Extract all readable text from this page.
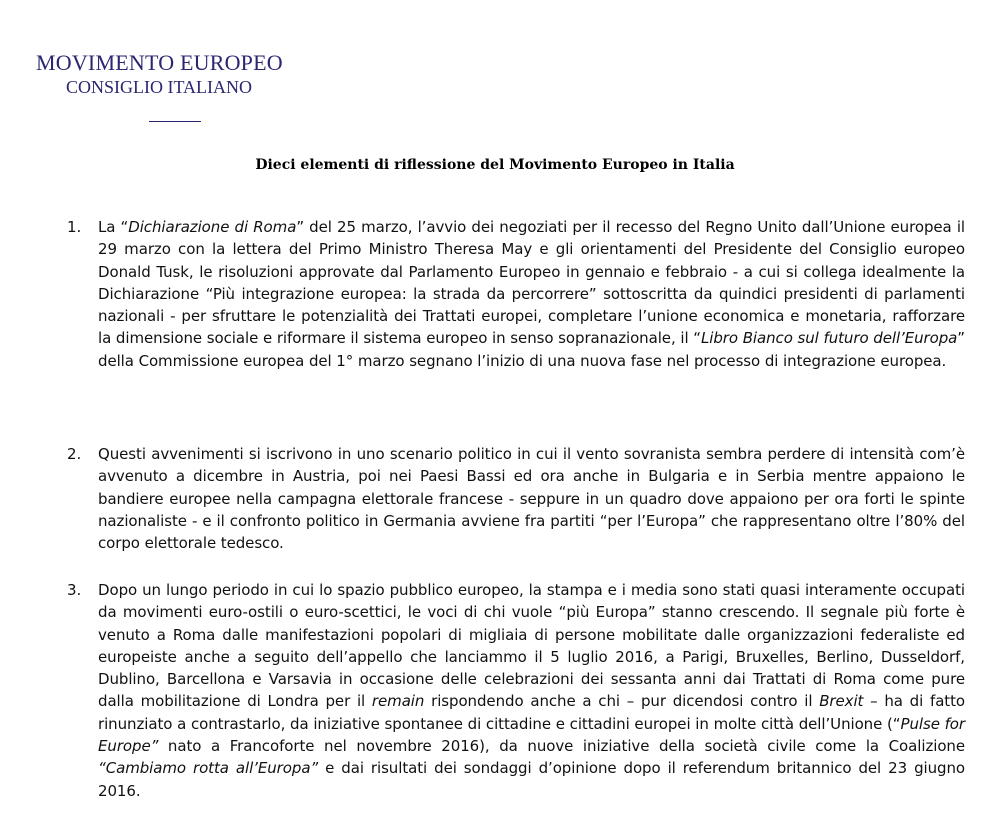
MOVIMENTO EUROPEO
CONSIGLIO ITALIANO
Dieci elementi di riflessione del Movimento Europeo in Italia
1. La “Dichiarazione di Roma” del 25 marzo, l’avvio dei negoziati per il recesso del Regno Unito dall’Unione europea il 29 marzo con la lettera del Primo Ministro Theresa May e gli orientamenti del Presidente del Consiglio europeo Donald Tusk, le risoluzioni approvate dal Parlamento Europeo in gennaio e febbraio - a cui si collega idealmente la Dichiarazione “Più integrazione europea: la strada da percorrere” sottoscritta da quindici presidenti di parlamenti nazionali - per sfruttare le potenzialità dei Trattati europei, completare l’unione economica e monetaria, rafforzare la dimensione sociale e riformare il sistema europeo in senso sopranazionale, il “Libro Bianco sul futuro dell’Europa” della Commissione europea del 1° marzo segnano l’inizio di una nuova fase nel processo di integrazione europea.

2. Questi avvenimenti si iscrivono in uno scenario politico in cui il vento sovranista sembra perdere di intensità com’è avvenuto a dicembre in Austria, poi nei Paesi Bassi ed ora anche in Bulgaria e in Serbia mentre appaiono le bandiere europee nella campagna elettorale francese - seppure in un quadro dove appaiono per ora forti le spinte nazionaliste - e il confronto politico in Germania avviene fra partiti “per l’Europa” che rappresentano oltre l’80% del corpo elettorale tedesco.

3. Dopo un lungo periodo in cui lo spazio pubblico europeo, la stampa e i media sono stati quasi interamente occupati da movimenti euro-ostili o euro-scettici, le voci di chi vuole “più Europa” stanno crescendo. Il segnale più forte è venuto a Roma dalle manifestazioni popolari di migliaia di persone mobilitate dalle organizzazioni federaliste ed europeiste anche a seguito dell’appello che lanciammo il 5 luglio 2016, a Parigi, Bruxelles, Berlino, Dusseldorf, Dublino, Barcellona e Varsavia in occasione delle celebrazioni dei sessanta anni dai Trattati di Roma come pure dalla mobilitazione di Londra per il remain rispondendo anche a chi – pur dicendosi contro il Brexit – ha di fatto rinunziato a contrastarlo, da iniziative spontanee di cittadine e cittadini europei in molte città dell’Unione (“Pulse for Europe” nato a Francoforte nel novembre 2016), da nuove iniziative della società civile come la Coalizione “Cambiamo rotta all’Europa” e dai risultati dei sondaggi d’opinione dopo il referendum britannico del 23 giugno 2016.
